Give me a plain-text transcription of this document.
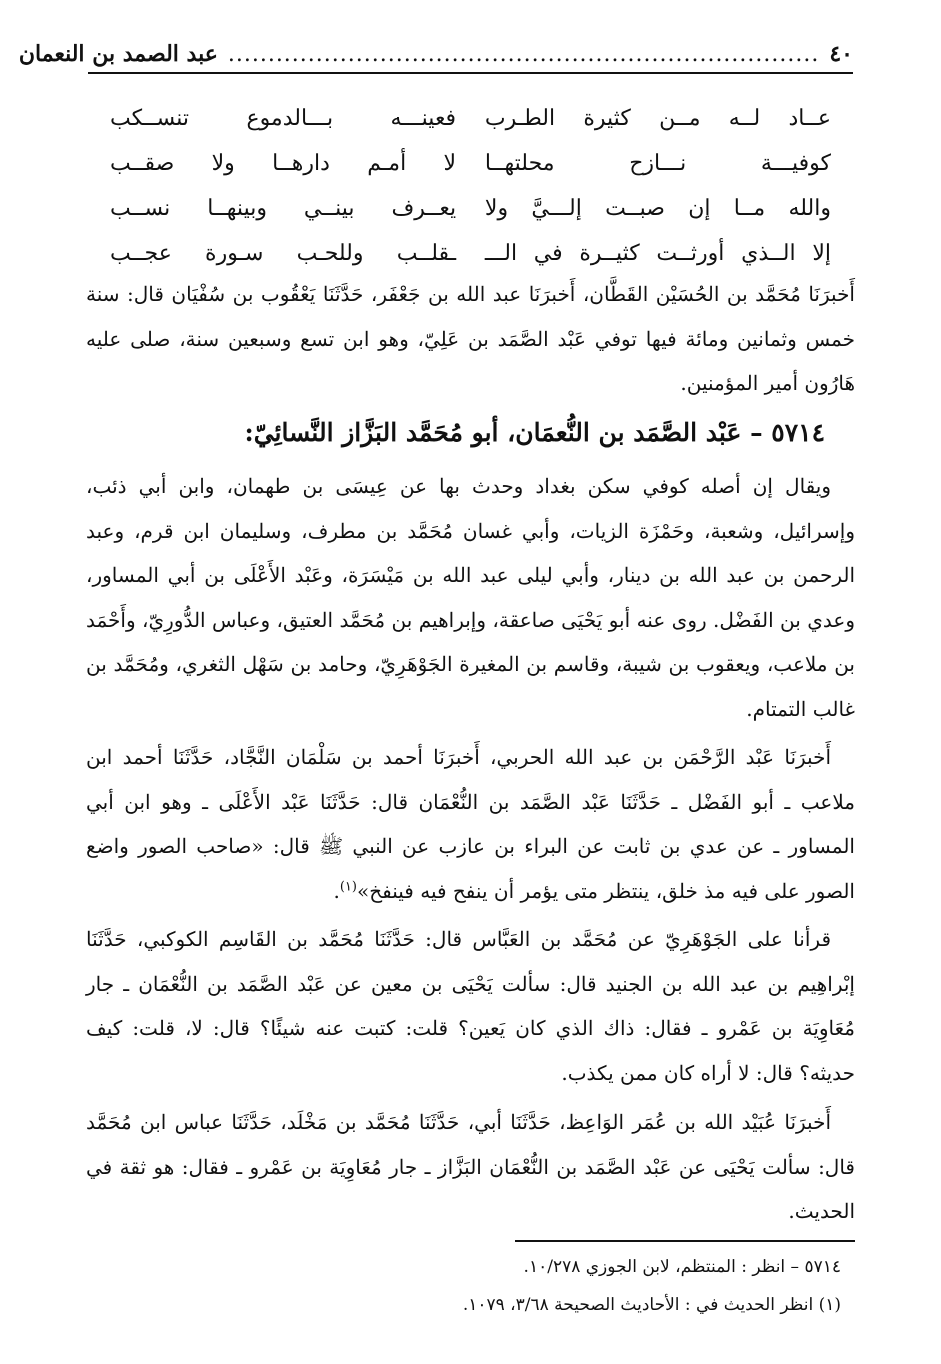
٤٠
..........................................................................
عبد الصمد بن النعمان
عــاد لــه مــن كثيرة الطـرب
فعينـــه بـــالدموع تنســكب
كوفيـــة نـــازح محلتهــا
لا أمـم دارهــا ولا صقــب
والله مــا إن صبــت إلـــيَّ ولا
يعــرف بينــي وبينهــا نســب
إلا الــذي أورثــت كثيــرة في الـــ
ـقلــب وللحـب سـورة عجــب
أَخبرَنَا مُحَمَّد بن الحُسَيْن القَطَّان، أَخبرَنَا عبد الله بن جَعْفَر، حَدَّثَنَا يَعْقُوب بن سُفْيَان قال: سنة خمس وثمانين ومائة فيها توفي عَبْد الصَّمَد بن عَلِيّ، وهو ابن تسع وسبعين سنة، صلى عليه هَارُون أمير المؤمنين.
٥٧١٤ – عَبْد الصَّمَد بن النُّعمَان، أبو مُحَمَّد البَزَّاز النَّسائِيّ:
ويقال إن أصله كوفي سكن بغداد وحدث بها عن عِيسَى بن طهمان، وابن أبي ذئب، وإسرائيل، وشعبة، وحَمْزَة الزيات، وأبي غسان مُحَمَّد بن مطرف، وسليمان ابن قرم، وعبد الرحمن بن عبد الله بن دينار، وأبي ليلى عبد الله بن مَيْسَرَة، وعَبْد الأَعْلَى بن أبي المساور، وعدي بن الفَضْل. روى عنه أبو يَحْيَى صاعقة، وإبراهيم بن مُحَمَّد العتيق، وعباس الدُّورِيّ، وأَحْمَد بن ملاعب، ويعقوب بن شيبة، وقاسم بن المغيرة الجَوْهَرِيّ، وحامد بن سَهْل الثغري، ومُحَمَّد بن غالب التمتام.
أَخبرَنَا عَبْد الرَّحْمَن بن عبد الله الحربي، أَخبرَنَا أحمد بن سَلْمَان النَّجَّاد، حَدَّثَنَا أحمد ابن ملاعب ـ أبو الفَضْل ـ حَدَّثَنَا عَبْد الصَّمَد بن النُّعْمَان قال: حَدَّثَنَا عَبْد الأَعْلَى ـ وهو ابن أبي المساور ـ عن عدي بن ثابت عن البراء بن عازب عن النبي ﷺ قال: «صاحب الصور واضع الصور على فيه مذ خلق، ينتظر متى يؤمر أن ينفح فيه فينفخ»$^{(١)}$.
قرأنا على الجَوْهَرِيّ عن مُحَمَّد بن العَبَّاس قال: حَدَّثَنَا مُحَمَّد بن القَاسِم الكوكبي، حَدَّثَنَا إبْراهِيم بن عبد الله بن الجنيد قال: سألت يَحْيَى بن معين عن عَبْد الصَّمَد بن النُّعْمَان ـ جار مُعَاوِيَة بن عَمْرو ـ فقال: ذاك الذي كان يَعين؟ قلت: كتبت عنه شيئًا؟ قال: لا، قلت: كيف حديثه؟ قال: لا أراه كان ممن يكذب.
أَخبرَنَا عُبَيْد الله بن عُمَر الوَاعِظ، حَدَّثَنَا أبي، حَدَّثَنَا مُحَمَّد بن مَخْلَد، حَدَّثَنَا عباس ابن مُحَمَّد قال: سألت يَحْيَى عن عَبْد الصَّمَد بن النُّعْمَان البَزَّاز ـ جار مُعَاوِيَة بن عَمْرو ـ فقال: هو ثقة في الحديث.
٥٧١٤ – انظر : المنتظم، لابن الجوزي ١٠/٢٧٨.
(١) انظر الحديث في : الأحاديث الصحيحة ٣/٦٨، ١٠٧٩.
